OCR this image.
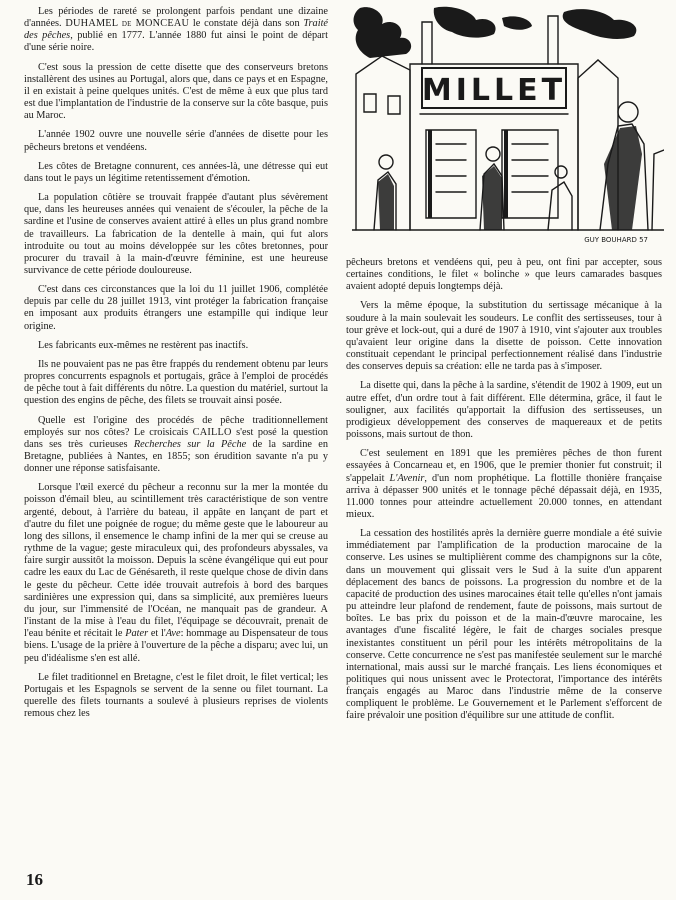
Les périodes de rareté se prolongent parfois pendant une dizaine d'années. DUHAMEL de MONCEAU le constate déjà dans son Traité des pêches, publié en 1777. L'année 1880 fut ainsi le point de départ d'une série noire.

C'est sous la pression de cette disette que des conserveurs bretons installèrent des usines au Portugal, alors que, dans ce pays et en Espagne, il en existait à peine quelques unités. C'est de même à eux que plus tard est due l'implantation de l'industrie de la conserve sur la côte basque, puis au Maroc.

L'année 1902 ouvre une nouvelle série d'années de disette pour les pêcheurs bretons et vendéens.

Les côtes de Bretagne connurent, ces années-là, une détresse qui eut dans tout le pays un légitime retentissement d'émotion.

La population côtière se trouvait frappée d'autant plus sévèrement que, dans les heureuses années qui venaient de s'écouler, la pêche de la sardine et l'usine de conserves avaient attiré à elles un plus grand nombre de travailleurs. La fabrication de la dentelle à main, qui fut alors introduite ou tout au moins développée sur les côtes bretonnes, pour procurer du travail à la main-d'œuvre féminine, est une heureuse survivance de cette période douloureuse.

C'est dans ces circonstances que la loi du 11 juillet 1906, complétée depuis par celle du 28 juillet 1913, vint protéger la fabrication française en imposant aux produits étrangers une estampille qui indique leur origine.

Les fabricants eux-mêmes ne restèrent pas inactifs.

Ils ne pouvaient pas ne pas être frappés du rendement obtenu par leurs propres concurrents espagnols et portugais, grâce à l'emploi de procédés de pêche tout à fait différents du nôtre. La question du matériel, surtout la question des engins de pêche, des filets se trouvait ainsi posée.

Quelle est l'origine des procédés de pêche traditionnellement employés sur nos côtes? Le croisicais CAILLO s'est posé la question dans ses très curieuses Recherches sur la Pêche de la sardine en Bretagne, publiées à Nantes, en 1855; son érudition savante n'a pu y donner une réponse satisfaisante.

Lorsque l'œil exercé du pêcheur a reconnu sur la mer la montée du poisson d'émail bleu, au scintillement très caractéristique de son ventre argenté, debout, à l'arrière du bateau, il appâte en lançant de part et d'autre du filet une poignée de rogue; du même geste que le laboureur au long des sillons, il ensemence le champ infini de la mer qui se creuse au rythme de la vague; geste miraculeux qui, des profondeurs abyssales, va faire surgir aussitôt la moisson. Depuis la scène évangélique qui eut pour cadre les eaux du Lac de Génésareth, il reste quelque chose de divin dans le geste du pêcheur. Cette idée trouvait autrefois à bord des barques sardinières une expression qui, dans sa simplicité, aux premières lueurs du jour, sur l'immensité de l'Océan, ne manquait pas de grandeur. A l'instant de la mise à l'eau du filet, l'équipage se découvrait, prenait de l'eau bénite et récitait le Pater et l'Ave: hommage au Dispensateur de tous biens. L'usage de la prière à l'ouverture de la pêche a disparu; avec lui, un peu d'idéalisme s'en est allé.

Le filet traditionnel en Bretagne, c'est le filet droit, le filet vertical; les Portugais et les Espagnols se servent de la senne ou filet tournant. La querelle des filets tournants a soulevé à plusieurs reprises de violents remous chez les

MILLET
GUY BOUHARD 57

pêcheurs bretons et vendéens qui, peu à peu, ont fini par accepter, sous certaines conditions, le filet « bolinche » que leurs camarades basques avaient adopté depuis longtemps déjà.

Vers la même époque, la substitution du sertissage mécanique à la soudure à la main soulevait les soudeurs. Le conflit des sertisseuses, tour à tour grève et lock-out, qui a duré de 1907 à 1910, vint s'ajouter aux troubles qu'avaient leur origine dans la disette de poisson. Cette innovation constituait cependant le principal perfectionnement réalisé dans l'industrie des conserves depuis sa création: elle ne tarda pas à s'imposer.

La disette qui, dans la pêche à la sardine, s'étendit de 1902 à 1909, eut un autre effet, d'un ordre tout à fait différent. Elle détermina, grâce, il faut le souligner, aux facilités qu'apportait la diffusion des sertisseuses, un prodigieux développement des conserves de maquereaux et de petits poissons, mais surtout de thon.

C'est seulement en 1891 que les premières pêches de thon furent essayées à Concarneau et, en 1906, que le premier thonier fut construit; il s'appelait L'Avenir, d'un nom prophétique. La flottille thonière française arriva à dépasser 900 unités et le tonnage pêché dépassait déjà, en 1935, 11.000 tonnes pour atteindre actuellement 20.000 tonnes, en attendant mieux.

La cessation des hostilités après la dernière guerre mondiale a été suivie immédiatement par l'amplification de la production marocaine de la conserve. Les usines se multiplièrent comme des champignons sur la côte, dans un mouvement qui glissait vers le Sud à la suite d'un apparent déplacement des bancs de poissons. La progression du nombre et de la capacité de production des usines marocaines était telle qu'elles n'ont jamais pu atteindre leur plafond de rendement, faute de poissons, mais surtout de boîtes. Le bas prix du poisson et de la main-d'œuvre marocaine, les avantages d'une fiscalité légère, le fait de charges sociales presque inexistantes constituent un péril pour les intérêts métropolitains de la conserve. Cette concurrence ne s'est pas manifestée seulement sur le marché international, mais aussi sur le marché français. Les liens économiques et politiques qui nous unissent avec le Protectorat, l'importance des intérêts français engagés au Maroc dans l'industrie même de la conserve compliquent le problème. Le Gouvernement et le Parlement s'efforcent de faire prévaloir une position d'équilibre sur une attitude de conflit.

16
